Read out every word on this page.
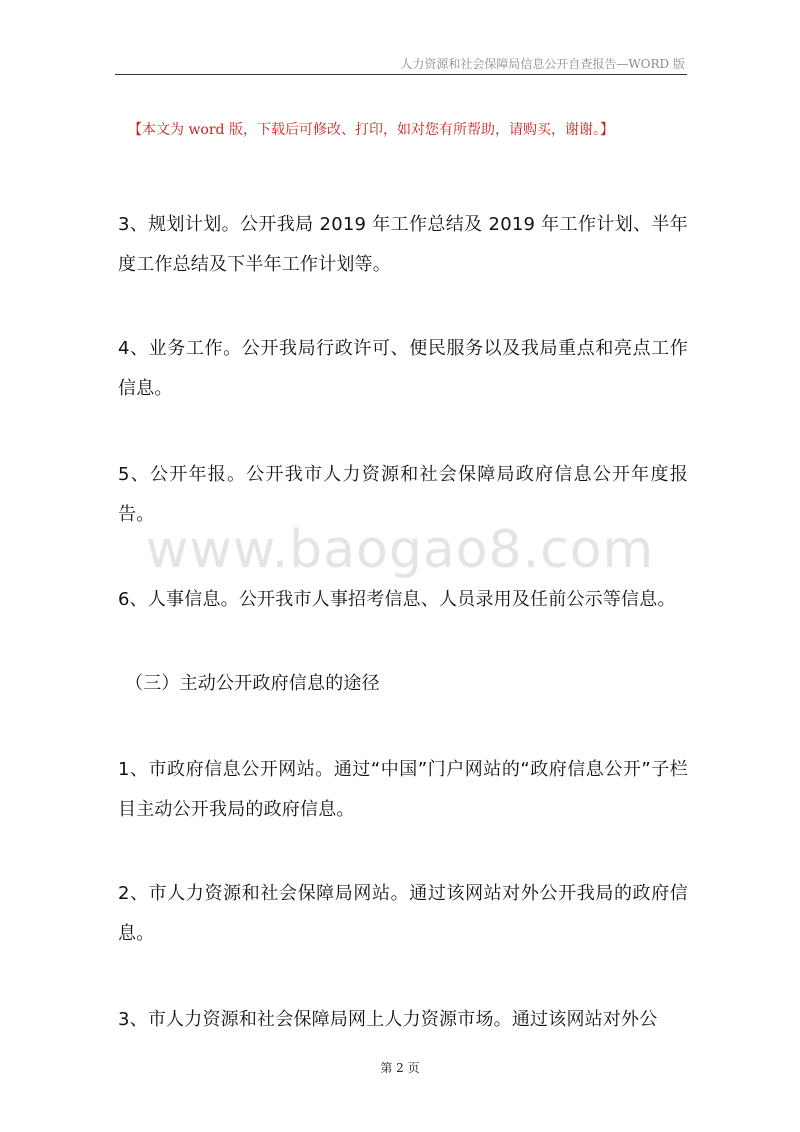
人力资源和社会保障局信息公开自查报告—WORD 版
【本文为 word 版，下载后可修改、打印，如对您有所帮助，请购买，谢谢。】
www.baogao8.com
3、规划计划。公开我局 2019 年工作总结及 2019 年工作计划、半年度工作总结及下半年工作计划等。
4、业务工作。公开我局行政许可、便民服务以及我局重点和亮点工作信息。
5、公开年报。公开我市人力资源和社会保障局政府信息公开年度报告。
6、人事信息。公开我市人事招考信息、人员录用及任前公示等信息。
（三）主动公开政府信息的途径
1、市政府信息公开网站。通过“中国”门户网站的“政府信息公开”子栏目主动公开我局的政府信息。
2、市人力资源和社会保障局网站。通过该网站对外公开我局的政府信息。
3、市人力资源和社会保障局网上人力资源市场。通过该网站对外公
第 2 页
